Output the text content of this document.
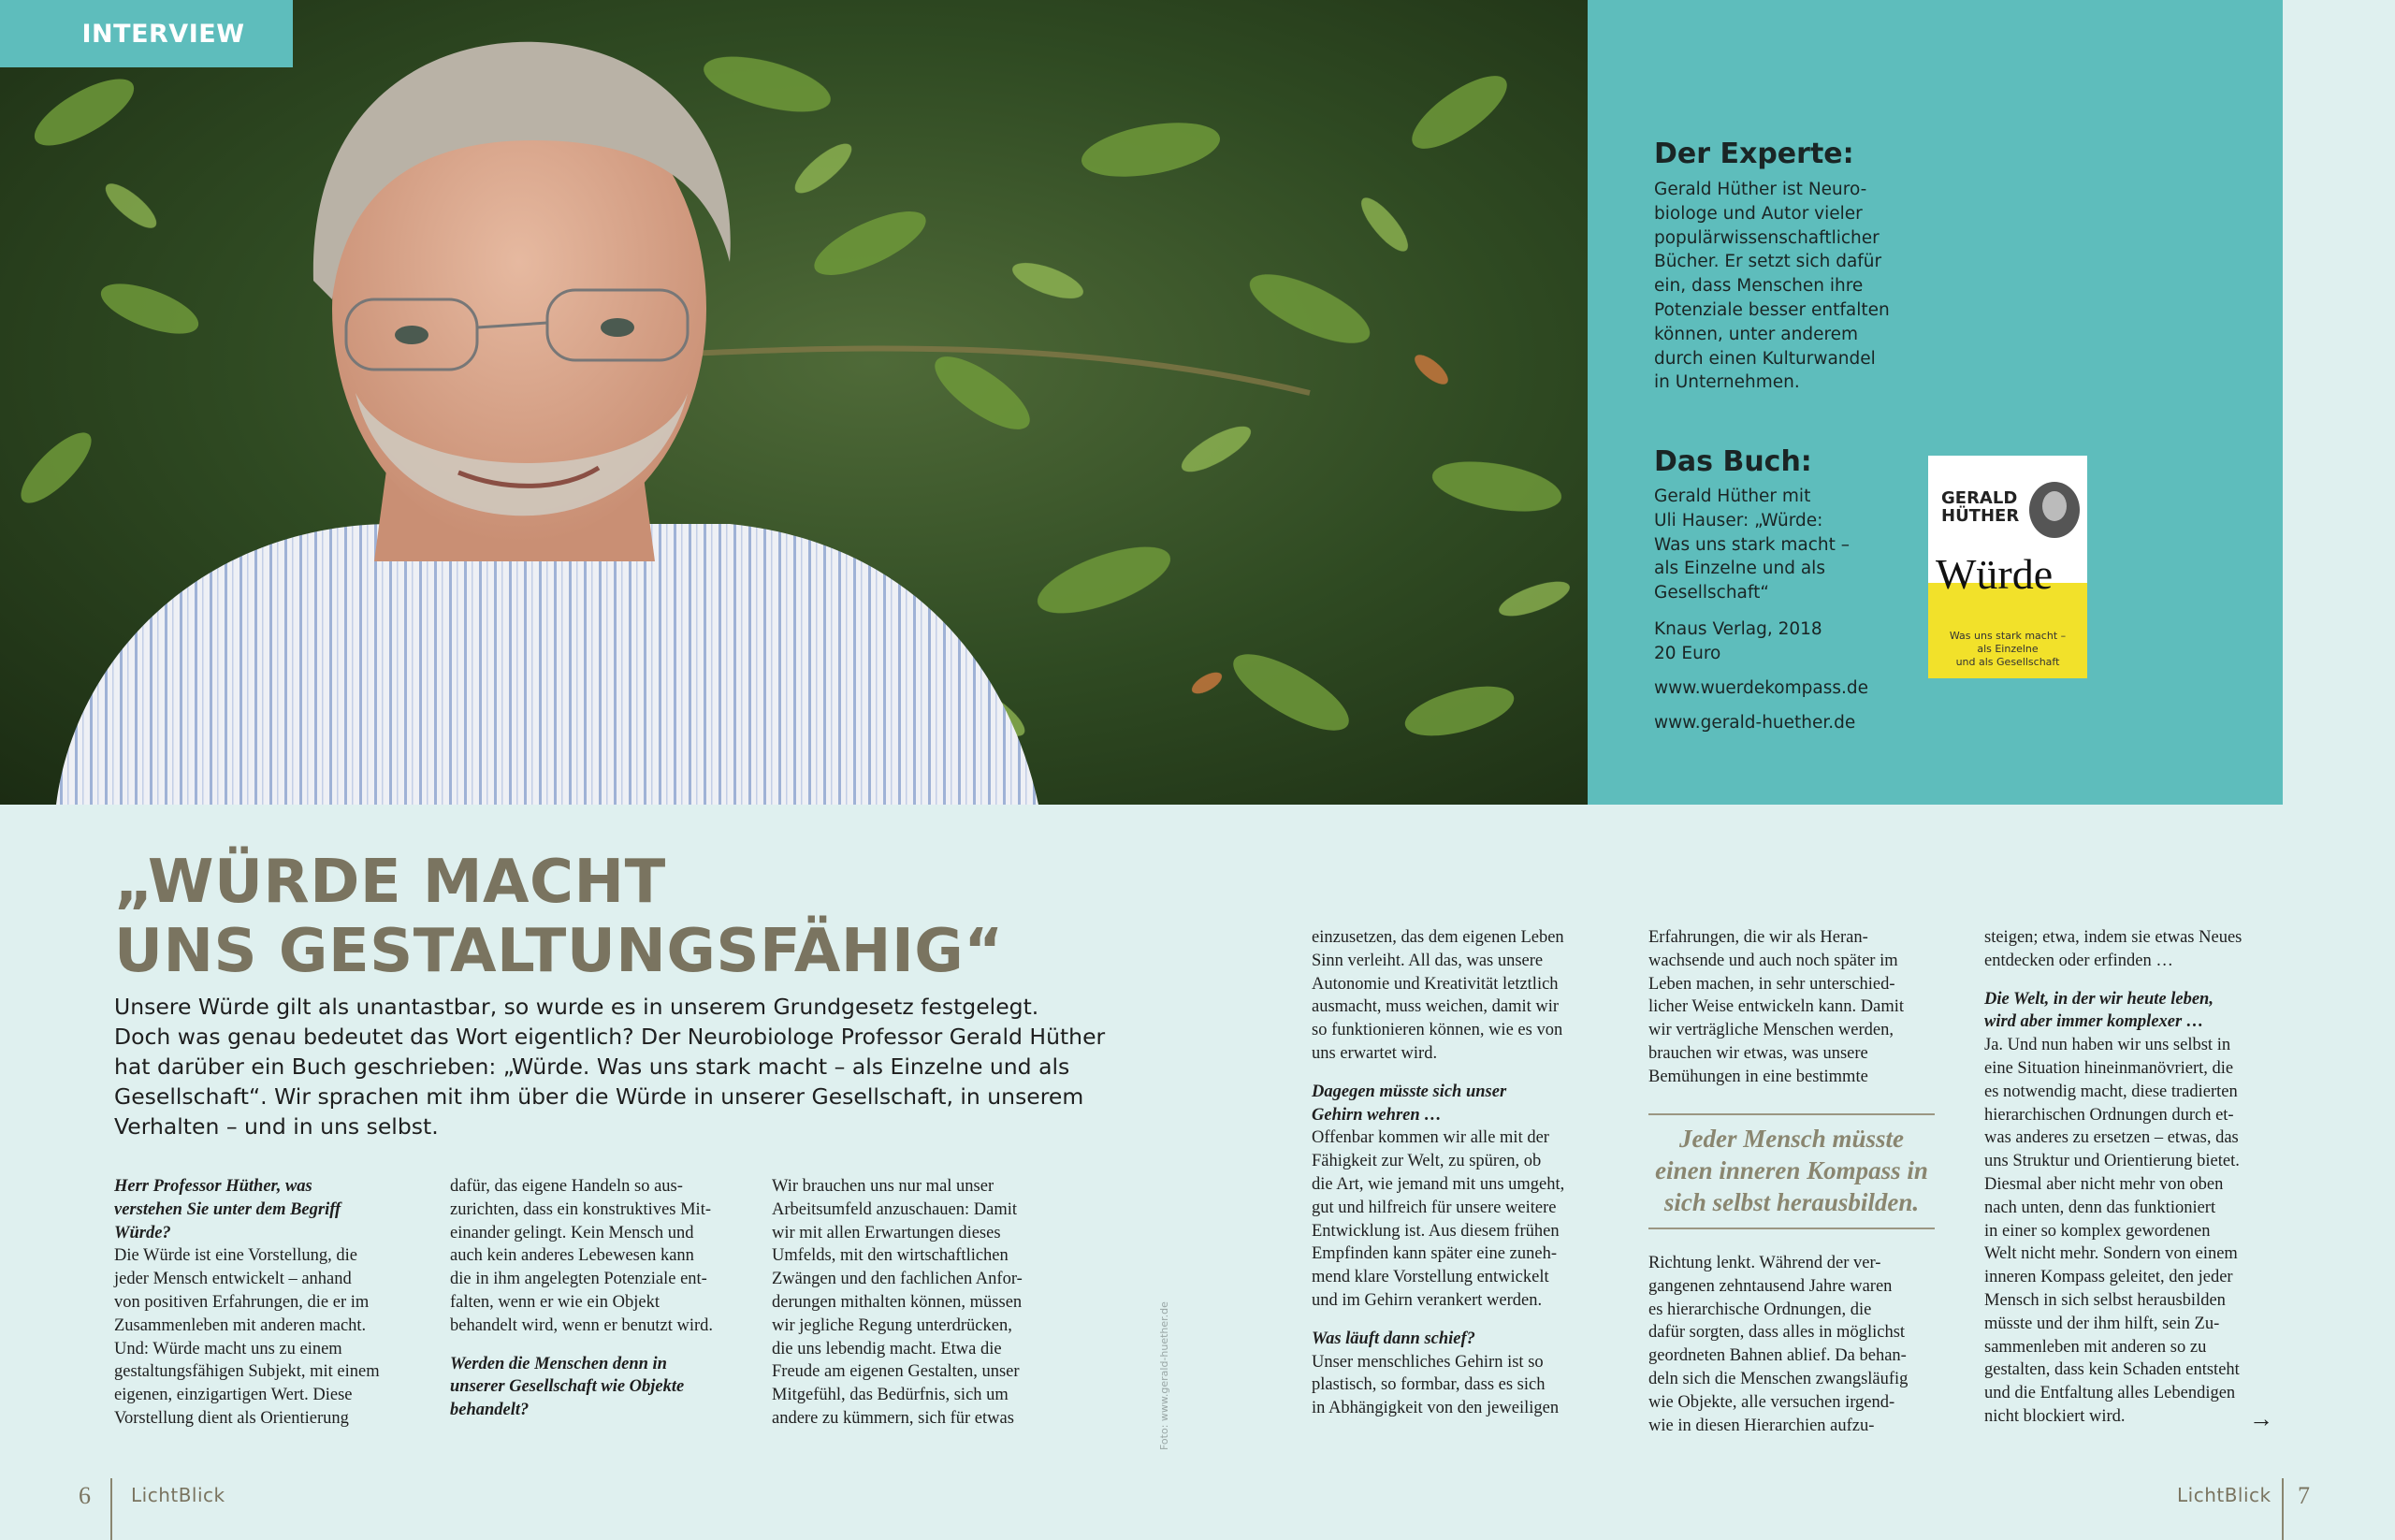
INTERVIEW
Der Experte:
Gerald Hüther ist Neuro-
biologe und Autor vieler
populärwissenschaftlicher
Bücher. Er setzt sich dafür
ein, dass Menschen ihre
Potenziale besser entfalten
können, unter anderem
durch einen Kulturwandel
in Unternehmen.
Das Buch:
Gerald Hüther mit
Uli Hauser: „Würde:
Was uns stark macht –
als Einzelne und als
Gesellschaft“
Knaus Verlag, 2018
20 Euro
www.wuerdekompass.de
www.gerald-huether.de
GERALD
HÜTHER
Würde
Was uns stark macht –
als Einzelne
und als Gesellschaft
„WÜRDE MACHT
UNS GESTALTUNGSFÄHIG“
Unsere Würde gilt als unantastbar, so wurde es in unserem Grundgesetz festgelegt.
Doch was genau bedeutet das Wort eigentlich? Der Neurobiologe Professor Gerald Hüther
hat darüber ein Buch geschrieben: „Würde. Was uns stark macht – als Einzelne und als
Gesellschaft“. Wir sprachen mit ihm über die Würde in unserer Gesellschaft, in unserem
Verhalten – und in uns selbst.
Herr Professor Hüther, was
verstehen Sie unter dem Begriff
Würde?
Die Würde ist eine Vorstellung, die
jeder Mensch entwickelt – anhand
von positiven Erfahrungen, die er im
Zusammenleben mit anderen macht.
Und: Würde macht uns zu einem
gestaltungsfähigen Subjekt, mit einem
eigenen, einzigartigen Wert. Diese
Vorstellung dient als Orientierung
dafür, das eigene Handeln so aus-
zurichten, dass ein konstruktives Mit-
einander gelingt. Kein Mensch und
auch kein anderes Lebewesen kann
die in ihm angelegten Potenziale ent-
falten, wenn er wie ein Objekt
behandelt wird, wenn er benutzt wird.
Werden die Menschen denn in
unserer Gesellschaft wie Objekte
behandelt?
Wir brauchen uns nur mal unser
Arbeitsumfeld anzuschauen: Damit
wir mit allen Erwartungen dieses
Umfelds, mit den wirtschaftlichen
Zwängen und den fachlichen Anfor-
derungen mithalten können, müssen
wir jegliche Regung unterdrücken,
die uns lebendig macht. Etwa die
Freude am eigenen Gestalten, unser
Mitgefühl, das Bedürfnis, sich um
andere zu kümmern, sich für etwas	Foto: www.gerald-huether.de
einzusetzen, das dem eigenen Leben
Sinn verleiht. All das, was unsere
Autonomie und Kreativität letztlich
ausmacht, muss weichen, damit wir
so funktionieren können, wie es von
uns erwartet wird.
Dagegen müsste sich unser
Gehirn wehren …
Offenbar kommen wir alle mit der
Fähigkeit zur Welt, zu spüren, ob
die Art, wie jemand mit uns umgeht,
gut und hilfreich für unsere weitere
Entwicklung ist. Aus diesem frühen
Empfinden kann später eine zuneh-
mend klare Vorstellung entwickelt
und im Gehirn verankert werden.
Was läuft dann schief?
Unser menschliches Gehirn ist so
plastisch, so formbar, dass es sich
in Abhängigkeit von den jeweiligen
Erfahrungen, die wir als Heran-
wachsende und auch noch später im
Leben machen, in sehr unterschied-
licher Weise entwickeln kann. Damit
wir verträgliche Menschen werden,
brauchen wir etwas, was unsere
Bemühungen in eine bestimmte
Jeder Mensch müsste
einen inneren Kompass in
sich selbst herausbilden.
Richtung lenkt. Während der ver-
gangenen zehntausend Jahre waren
es hierarchische Ordnungen, die
dafür sorgten, dass alles in möglichst
geordneten Bahnen ablief. Da behan-
deln sich die Menschen zwangsläufig
wie Objekte, alle versuchen irgend-
wie in diesen Hierarchien aufzu-
steigen; etwa, indem sie etwas Neues
entdecken oder erfinden …
Die Welt, in der wir heute leben,
wird aber immer komplexer …
Ja. Und nun haben wir uns selbst in
eine Situation hineinmanövriert, die
es notwendig macht, diese tradierten
hierarchischen Ordnungen durch et-
was anderes zu ersetzen – etwas, das
uns Struktur und Orientierung bietet.
Diesmal aber nicht mehr von oben
nach unten, denn das funktioniert
in einer so komplex gewordenen
Welt nicht mehr. Sondern von einem
inneren Kompass geleitet, den jeder
Mensch in sich selbst herausbilden
müsste und der ihm hilft, sein Zu-
sammenleben mit anderen so zu
gestalten, dass kein Schaden entsteht
und die Entfaltung alles Lebendigen
nicht blockiert wird.	→
6 LichtBlick	LichtBlick 7
